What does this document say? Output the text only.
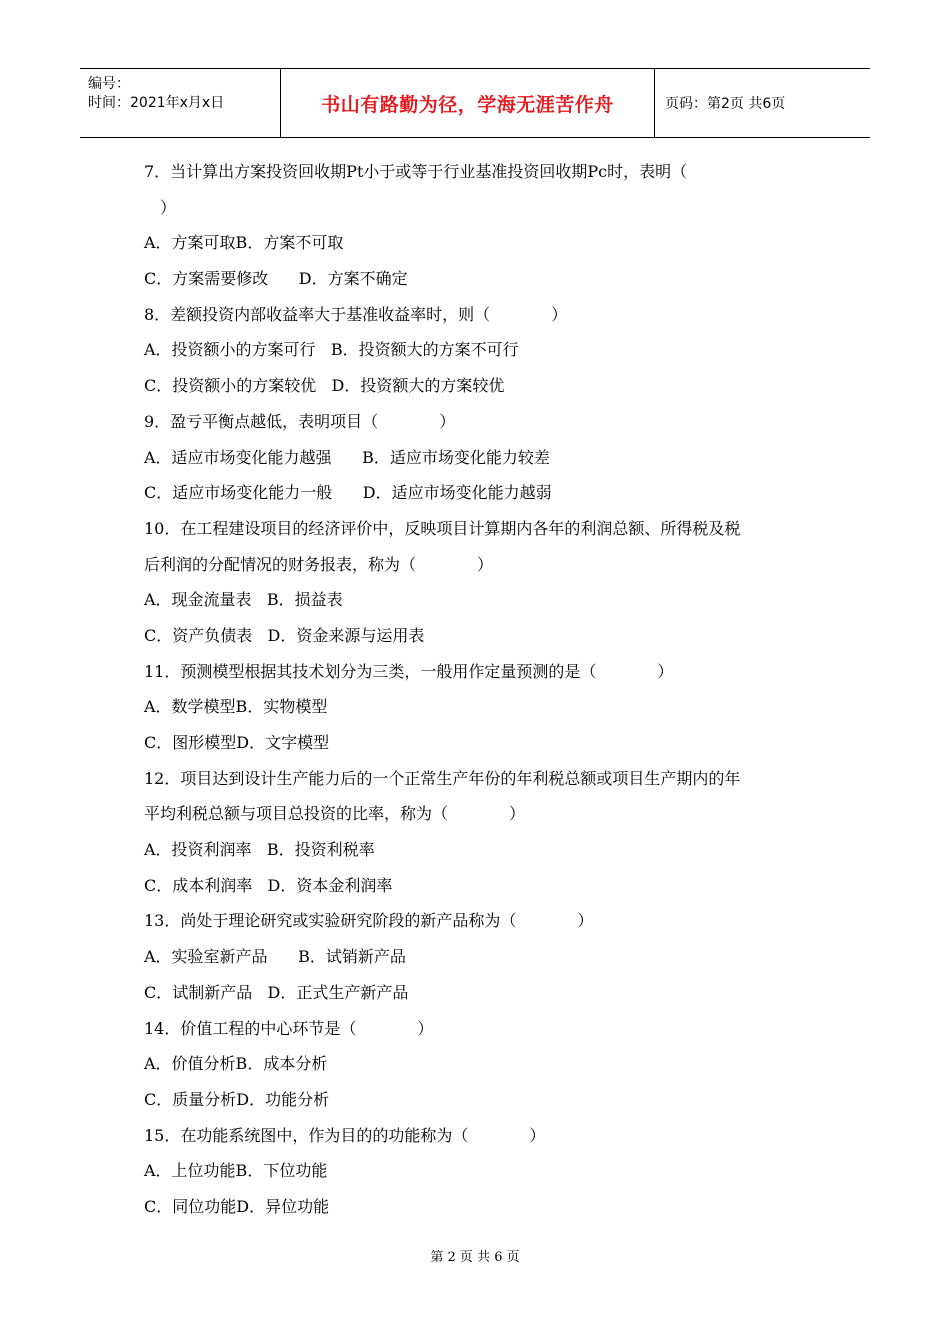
编号：
时间：2021年x月x日	书山有路勤为径，学海无涯苦作舟	页码：第2页 共6页
7．当计算出方案投资回收期Pt小于或等于行业基准投资回收期Pc时，表明（
）
A．方案可取B．方案不可取
C．方案需要修改      D．方案不确定
8．差额投资内部收益率大于基准收益率时，则（            ）
A．投资额小的方案可行   B．投资额大的方案不可行
C．投资额小的方案较优   D．投资额大的方案较优
9．盈亏平衡点越低，表明项目（            ）
A．适应市场变化能力越强      B．适应市场变化能力较差
C．适应市场变化能力一般      D．适应市场变化能力越弱
10．在工程建设项目的经济评价中，反映项目计算期内各年的利润总额、所得税及税
后利润的分配情况的财务报表，称为（            ）
A．现金流量表   B．损益表
C．资产负债表   D．资金来源与运用表
11．预测模型根据其技术划分为三类，一般用作定量预测的是（            ）
A．数学模型B．实物模型
C．图形模型D．文字模型
12．项目达到设计生产能力后的一个正常生产年份的年利税总额或项目生产期内的年
平均利税总额与项目总投资的比率，称为（            ）
A．投资利润率   B．投资利税率
C．成本利润率   D．资本金利润率
13．尚处于理论研究或实验研究阶段的新产品称为（            ）
A．实验室新产品      B．试销新产品
C．试制新产品   D．正式生产新产品
14．价值工程的中心环节是（            ）
A．价值分析B．成本分析
C．质量分析D．功能分析
15．在功能系统图中，作为目的的功能称为（            ）
A．上位功能B．下位功能
C．同位功能D．异位功能
第 2 页 共 6 页
